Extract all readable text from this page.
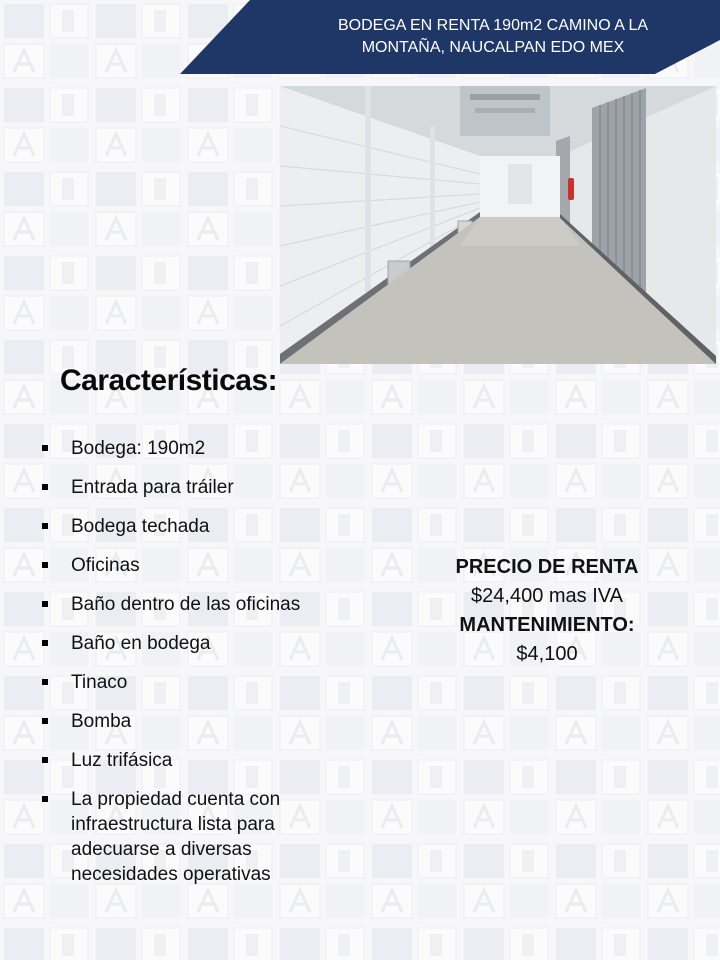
BODEGA EN RENTA 190m2 CAMINO A LA
MONTAÑA, NAUCALPAN EDO MEX
Características:
Bodega: 190m2
Entrada para tráiler
Bodega techada
Oficinas
Baño dentro de las oficinas
Baño en bodega
Tinaco
Bomba
Luz trifásica
La propiedad cuenta con infraestructura lista para adecuarse a diversas necesidades operativas
PRECIO DE RENTA
$24,400 mas IVA
MANTENIMIENTO:
$4,100
